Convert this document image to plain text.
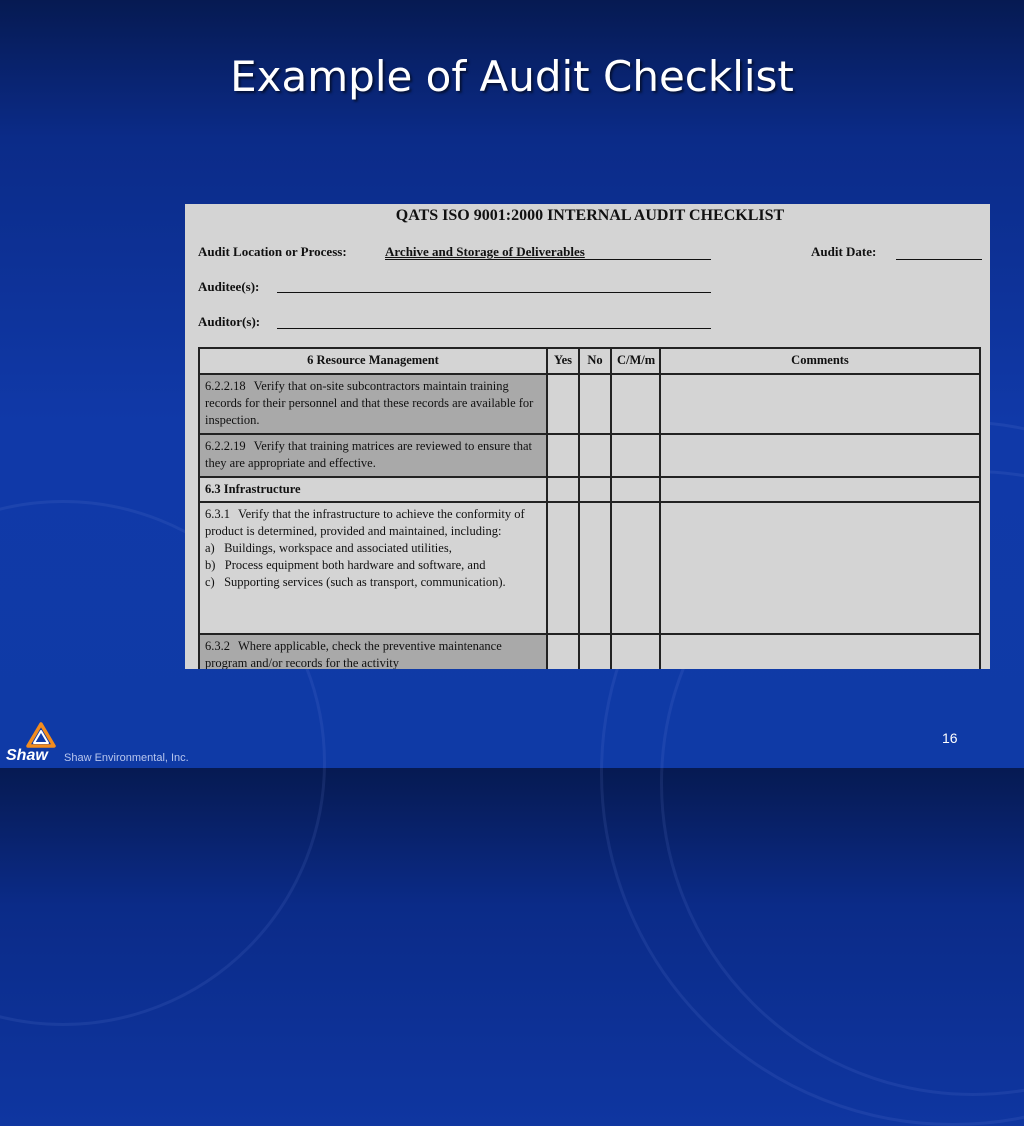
Example of Audit Checklist
QATS ISO 9001:2000 INTERNAL AUDIT CHECKLIST
Audit Location or Process:	Archive and Storage of Deliverables	Audit Date:
Auditee(s):
Auditor(s):
6 Resource Management	Yes	No	C/M/m	Comments
6.2.2.18 Verify that on-site subcontractors maintain training records for their personnel and that these records are available for inspection.				
6.2.2.19 Verify that training matrices are reviewed to ensure that they are appropriate and effective.				
6.3 Infrastructure				

6.3.1 Verify that the infrastructure to achieve the conformity of product is determined, provided and maintained, including:
a)   Buildings, workspace and associated utilities,
b)   Process equipment both hardware and software, and
c)   Supporting services (such as transport, communication).				

6.3.2 Where applicable, check the preventive maintenance program and/or records for the activity				
16
Shaw Shaw Environmental, Inc.
